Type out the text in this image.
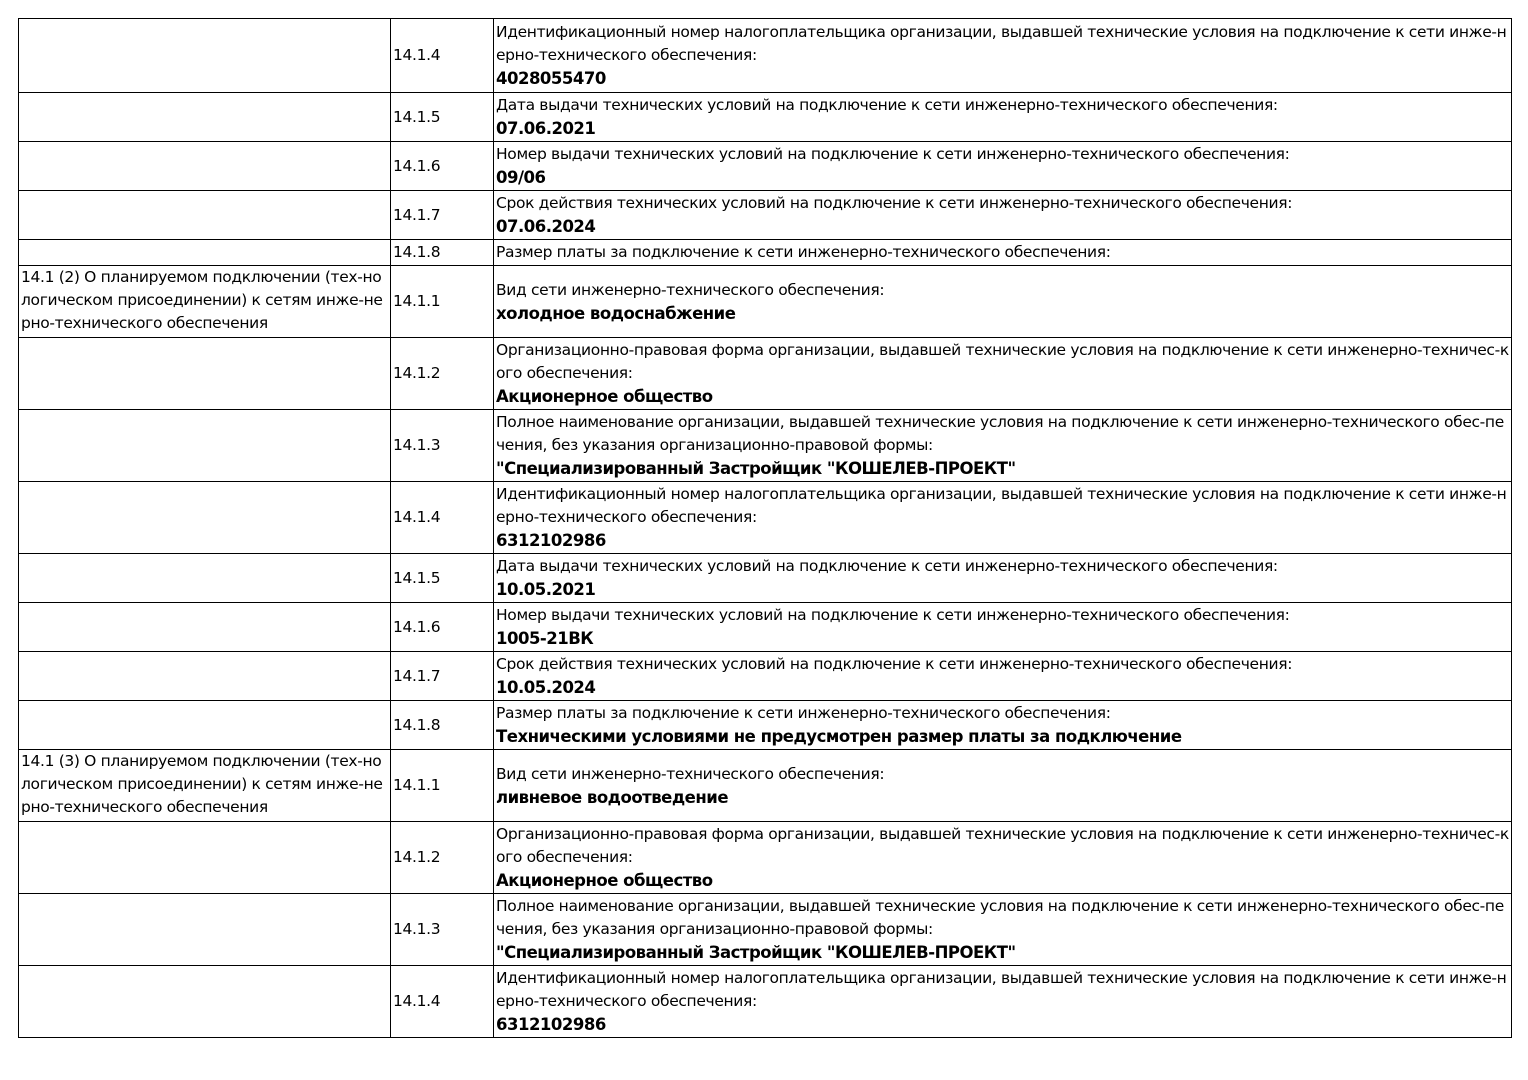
	14.1.4	Идентификационный номер налогоплательщика организации, выдавшей технические условия на подключение к сети инже-нерно-технического обеспечения:
4028055470

	14.1.5	Дата выдачи технических условий на подключение к сети инженерно-технического обеспечения:
07.06.2021

	14.1.6	Номер выдачи технических условий на подключение к сети инженерно-технического обеспечения:
09/06

	14.1.7	Срок действия технических условий на подключение к сети инженерно-технического обеспечения:
07.06.2024

	14.1.8	Размер платы за подключение к сети инженерно-технического обеспечения:

14.1 (2) О планируемом подключении (тех-нологическом присоединении) к сетям инже-нерно-технического обеспечения	14.1.1	Вид сети инженерно-технического обеспечения:
холодное водоснабжение

	14.1.2	Организационно-правовая форма организации, выдавшей технические условия на подключение к сети инженерно-техничес-кого обеспечения:
Акционерное общество

	14.1.3	Полное наименование организации, выдавшей технические условия на подключение к сети инженерно-технического обес-печения, без указания организационно-правовой формы:
"Специализированный Застройщик "КОШЕЛЕВ-ПРОЕКТ"

	14.1.4	Идентификационный номер налогоплательщика организации, выдавшей технические условия на подключение к сети инже-нерно-технического обеспечения:
6312102986

	14.1.5	Дата выдачи технических условий на подключение к сети инженерно-технического обеспечения:
10.05.2021

	14.1.6	Номер выдачи технических условий на подключение к сети инженерно-технического обеспечения:
1005-21ВК

	14.1.7	Срок действия технических условий на подключение к сети инженерно-технического обеспечения:
10.05.2024

	14.1.8	Размер платы за подключение к сети инженерно-технического обеспечения:
Техническими условиями не предусмотрен размер платы за подключение

14.1 (3) О планируемом подключении (тех-нологическом присоединении) к сетям инже-нерно-технического обеспечения	14.1.1	Вид сети инженерно-технического обеспечения:
ливневое водоотведение

	14.1.2	Организационно-правовая форма организации, выдавшей технические условия на подключение к сети инженерно-техничес-кого обеспечения:
Акционерное общество

	14.1.3	Полное наименование организации, выдавшей технические условия на подключение к сети инженерно-технического обес-печения, без указания организационно-правовой формы:
"Специализированный Застройщик "КОШЕЛЕВ-ПРОЕКТ"

	14.1.4	Идентификационный номер налогоплательщика организации, выдавшей технические условия на подключение к сети инже-нерно-технического обеспечения:
6312102986
